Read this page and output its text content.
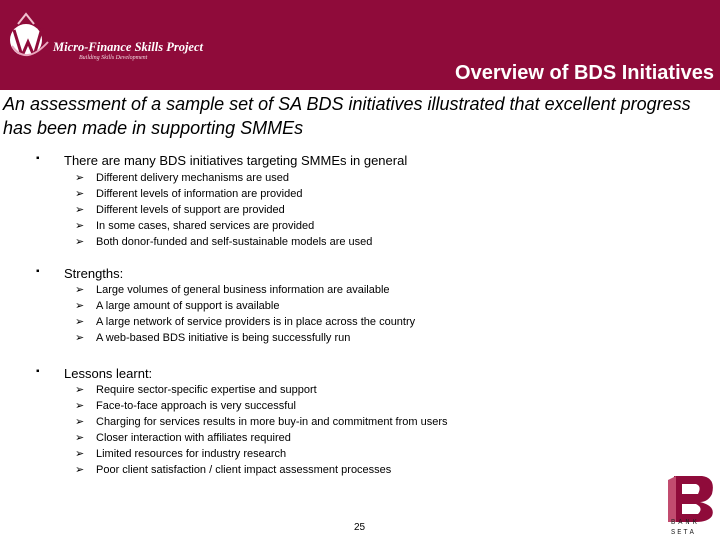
Micro-Finance Skills Project
Building Skills Development
Overview of BDS Initiatives
An assessment of a sample set of SA BDS initiatives illustrated that excellent progress has been made in supporting SMMEs
▪ There are many BDS initiatives targeting SMMEs in general
➢ Different delivery mechanisms are used
➢ Different levels of information are provided
➢ Different levels of support are provided
➢ In some cases, shared services are provided
➢ Both donor-funded and self-sustainable models are used
▪ Strengths:
➢ Large volumes of general business information are available
➢ A large amount of support is available
➢ A large network of service providers is in place across the country
➢ A web-based BDS initiative is being successfully run
▪ Lessons learnt:
➢ Require sector-specific expertise and support
➢ Face-to-face approach is very successful
➢ Charging for services results in more buy-in and commitment from users
➢ Closer interaction with affiliates required
➢ Limited resources for industry research
➢ Poor client satisfaction / client impact assessment processes
25	BANK
SETA
